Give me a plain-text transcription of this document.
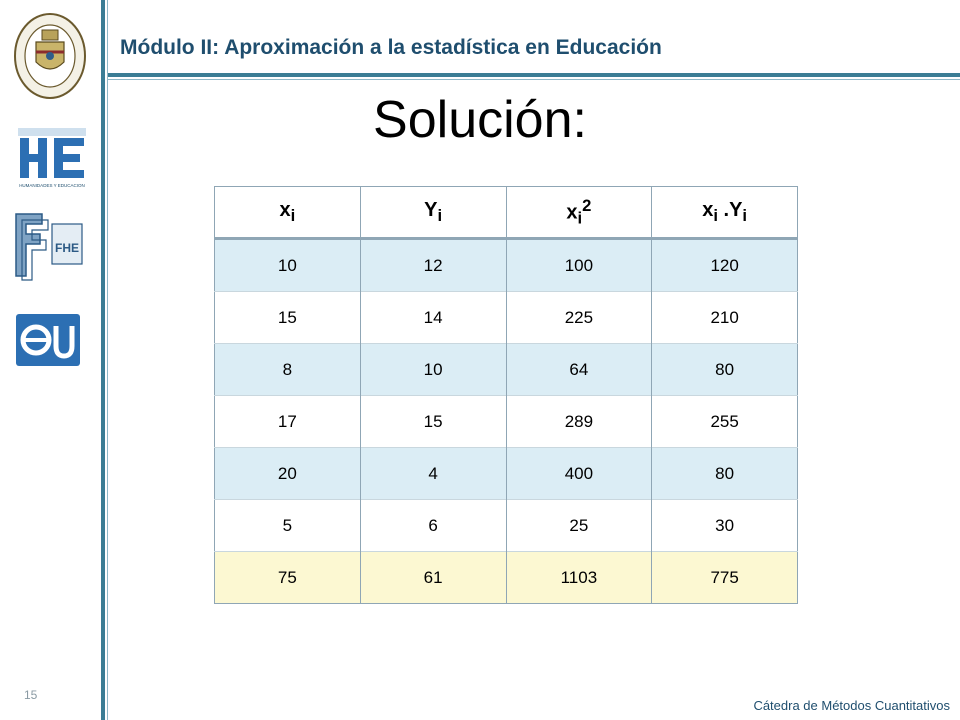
Módulo II: Aproximación a la estadística en Educación
HUMANIDADES Y EDUCACION
FHE
EU
Solución:
$x_i$	$Y_i$	$x_i^2$	$x_i$ $.Y_i$
10	12	100	120
15	14	225	210
8	10	64	80
17	15	289	255
20	4	400	80
5	6	25	30
75	61	1103	775
15
Cátedra de Métodos Cuantitativos
